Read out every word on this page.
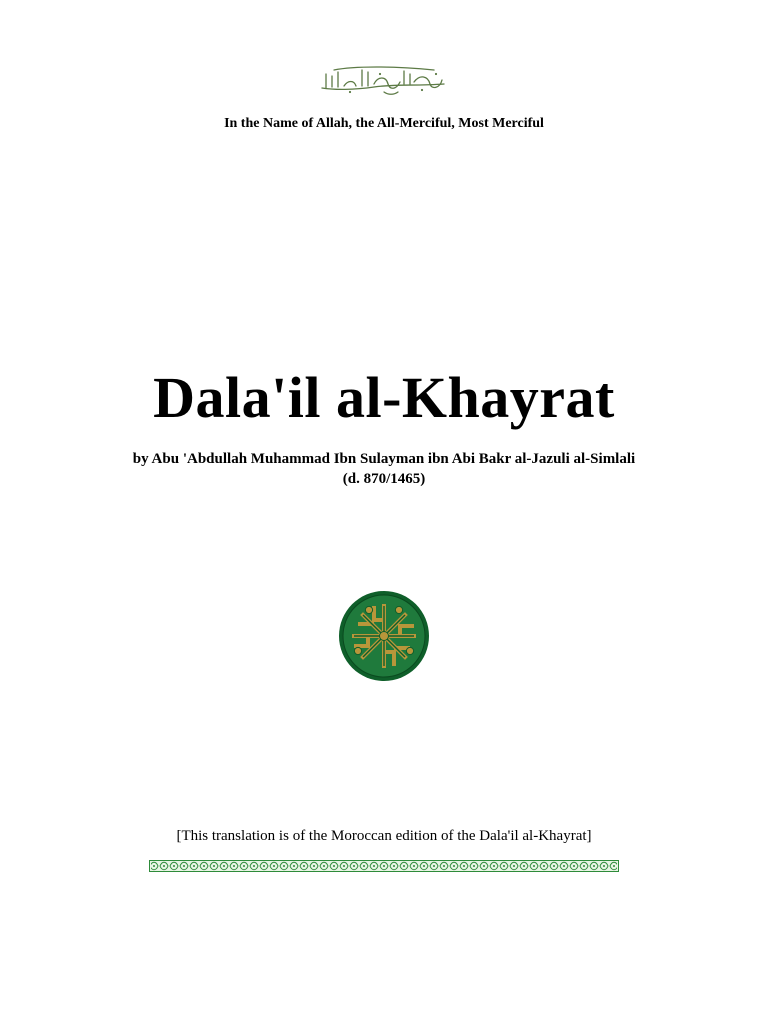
In the Name of Allah, the All-Merciful, Most Merciful
Dala'il al-Khayrat
by Abu 'Abdullah Muhammad Ibn Sulayman ibn Abi Bakr al-Jazuli al-Simlali
(d. 870/1465)
[This translation is of the Moroccan edition of the Dala'il al-Khayrat]
